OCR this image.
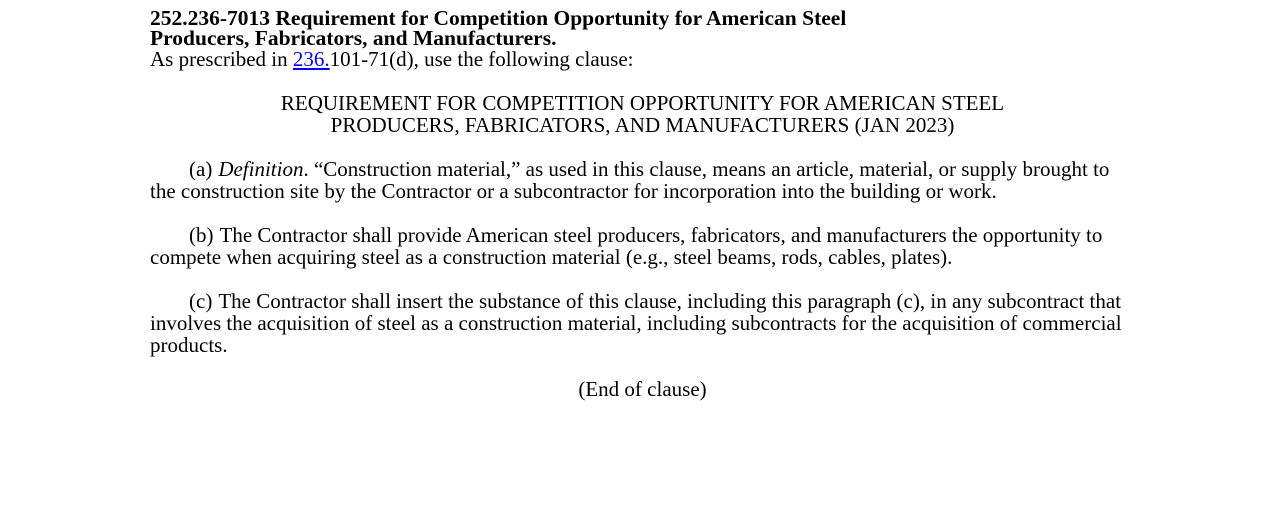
252.236-7013 Requirement for Competition Opportunity for American Steel
Producers, Fabricators, and Manufacturers.

As prescribed in 236.101-71(d), use the following clause:

REQUIREMENT FOR COMPETITION OPPORTUNITY FOR AMERICAN STEEL
PRODUCERS, FABRICATORS, AND MANUFACTURERS (JAN 2023)

(a) Definition. “Construction material,” as used in this clause, means an article, material, or supply brought to the construction site by the Contractor or a subcontractor for incorporation into the building or work.

(b) The Contractor shall provide American steel producers, fabricators, and manufacturers the opportunity to compete when acquiring steel as a construction material (e.g., steel beams, rods, cables, plates).

(c) The Contractor shall insert the substance of this clause, including this paragraph (c), in any subcontract that involves the acquisition of steel as a construction material, including subcontracts for the acquisition of commercial products.

(End of clause)
